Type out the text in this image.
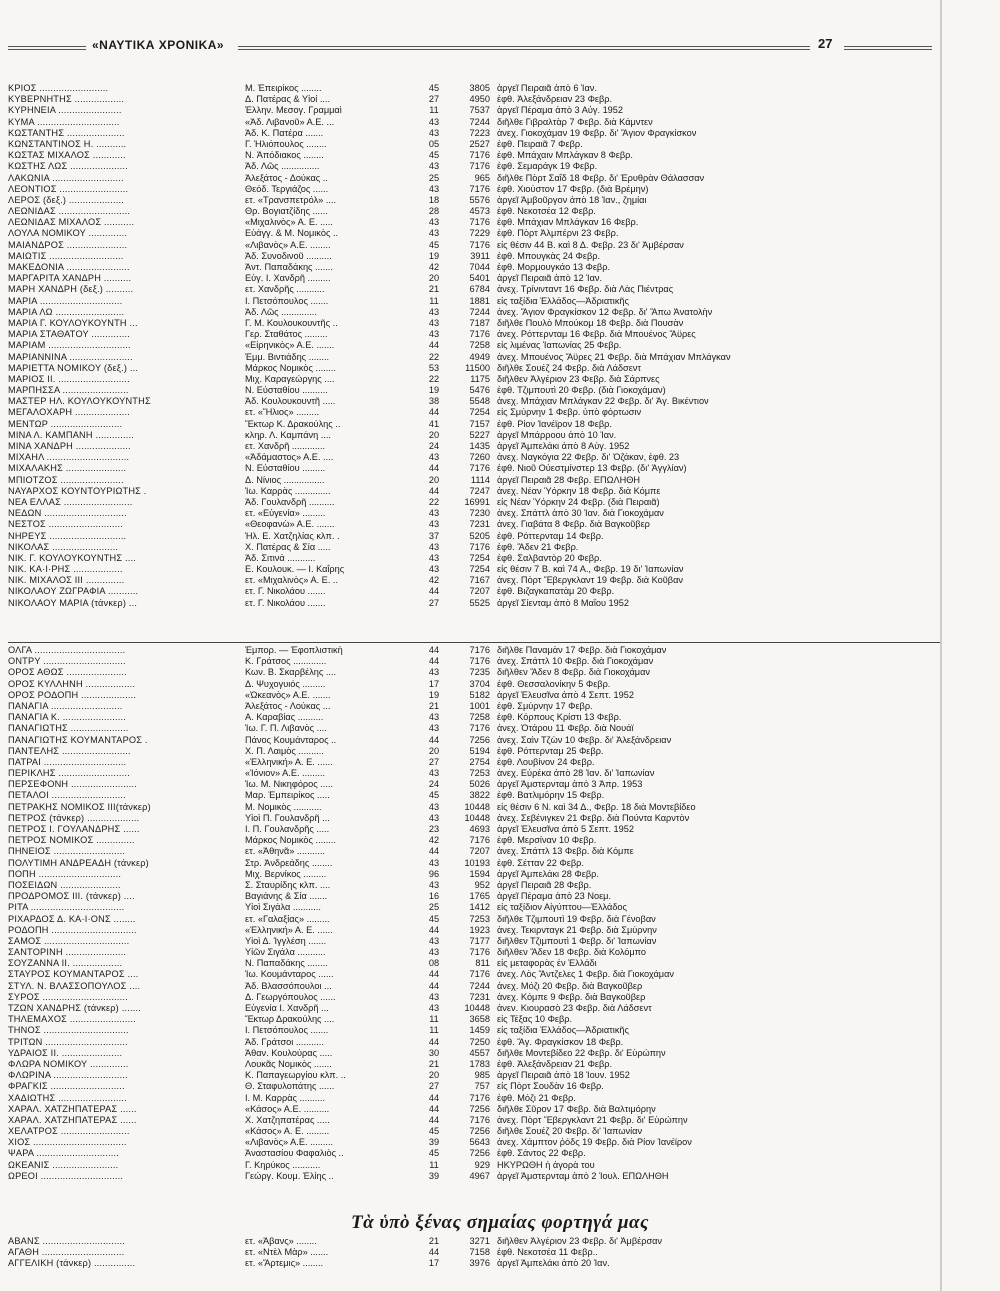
«ΝΑΥΤΙΚΑ ΧΡΟΝΙΚΑ»	27
ΚΡΙΟΣ .........................	Μ. Ἐπειρίκος ........	45	3805 ἀργεῖ Πειραιᾶ ἀπὸ 6 Ἰαν.
ΚΥΒΕΡΝΗΤΗΣ ..................	Δ. Πατέρας & Υἱοί ....	27	4950 ἐφθ. Ἀλεξάνδρειαν 23 Φεβρ.
ΚΥΡΗΝΕΙΑ .......................	Ἑλλην. Μεσογ. Γραμμαὶ	11	7537 ἀργεῖ Πέραμα ἀπὸ 3 Αὐγ. 1952
ΚΥΜΑ ..............................	«Ἀδ. Λιβανοῦ» Α.Ε. ...	43	7244 διῆλθε Γιβραλτὰρ 7 Φεβρ. διὰ Κάμντεν
ΚΩΣΤΑΝΤΗΣ .....................	Ἀδ. Κ. Πατέρα .......	43	7223 ἀνεχ. Γιοκοχάμαν 19 Φεβρ. δι' Ἅγιον Φραγκίσκον
ΚΩΝΣΤΑΝΤΙΝΟΣ Η. ...........	Γ. Ἠλιόπουλος ........	05	2527 ἐφθ. Πειραιᾶ 7 Φεβρ.
ΚΩΣΤΑΣ ΜΙΧΑΛΟΣ ............	Ν. Ἀπόδιακος ........	45	7176 ἐφθ. Μπάχαιν Μπλάγκαν 8 Φεβρ.
ΚΩΣΤΗΣ ΛΩΣ .....................	Ἀδ. Λῶς ...............	43	7176 ἐφθ. Σεμαράγκ 19 Φεβρ.
ΛΑΚΩΝΙΑ ..........................	Ἀλεξάτος - Δούκας ..	25	965 διῆλθε Πὸρτ Σαΐδ 18 Φεβρ. δι' Ἐρυθρὰν Θάλασσαν
ΛΕΟΝΤΙΟΣ .........................	Θεόδ. Τεργιάζος ......	43	7176 ἐφθ. Χιούστον 17 Φεβρ. (διὰ Βρέμην)
ΛΕΡΟΣ (δεξ.) ....................	ετ. «Τρανσπετρόλ» ....	18	5576 ἀργεῖ Ἀμβοῦργον ἀπὸ 18 Ἰαν., ζημίαι
ΛΕΩΝΙΔΑΣ ..........................	Θρ. Βογιατζίδης ......	28	4573 ἐφθ. Νεκοτσέα 12 Φεβρ.
ΛΕΩΝΙΔΑΣ ΜΙΧΑΛΟΣ ...........	«Μιχαλινὸς» Α. Ε. .....	43	7176 ἐφθ. Μπάχιαν Μπλάγκαν 16 Φεβρ.
ΛΟΥΛΑ ΝΟΜΙΚΟΥ ..............	Εὐάγγ. & Μ. Νομικὸς ..	43	7229 ἐφθ. Πὸρτ Ἀλμπέρνι 23 Φεβρ.
ΜΑΙΑΝΔΡΟΣ ......................	«Λιβανὸς» Α.Ε. ........	45	7176 εἰς θέσιν 44 Β. καὶ 8 Δ. Φεβρ. 23 δι' Ἀμβέρσαν
ΜΑΙΩΤΙΣ ...........................	Ἀδ. Συνοδινοῦ ..........	19	3911 ἐφθ. Μπουγκὰς 24 Φεβρ.
ΜΑΚΕΔΟΝΙΑ .......................	Ἀντ. Παπαδάκης .......	42	7044 ἐφθ. Μορμουγκάο 13 Φεβρ.
ΜΑΡΓΑΡΙΤΑ ΧΑΝΔΡΗ ..........	Εὐγ. Ι. Χανδρῆ .........	20	5401 ἀργεῖ Πειραιᾶ ἀπὸ 12 Ἰαν.
ΜΑΡΗ ΧΑΝΔΡΗ (δεξ.) ..........	ετ. Χανδρῆς ...........	21	6784 ἀνεχ. Τρίνινταντ 16 Φεβρ. διὰ Λὰς Πιέντρας
ΜΑΡΙΑ ..............................	Ι. Πετσόπουλος .......	11	1881 εἰς ταξίδια Ἑλλάδος—Ἀδριατικῆς
ΜΑΡΙΑ ΛΩ .........................	Ἀδ. Λῶς ..............	43	7244 ἀνεχ. Ἅγιον Φραγκίσκον 12 Φεβρ. δι' Ἄπω Ἀνατολὴν
ΜΑΡΙΑ Γ. ΚΟΥΛΟΥΚΟΥΝΤΗ ...	Γ. Μ. Κουλουκουντῆς ..	43	7187 διῆλθε Πουλὸ Μπούκομ 18 Φεβρ. διὰ Πουσὰν
ΜΑΡΙΑ ΣΤΑΘΑΤΟΥ ..............	Γερ. Σταθάτος .........	43	7176 ἀνεχ. Ρόττερνταμ 16 Φεβρ. διὰ Μπουένος Ἄϋρες
ΜΑΡΙΑΜ ..............................	«Εἰρηνικὸς» Α.Ε. .......	44	7258 εἰς λιμένας Ἰαπωνίας 25 Φεβρ.
ΜΑΡΙΑΝΝΙΝΑ .......................	Ἐμμ. Βιντιάδης ........	22	4949 ἀνεχ. Μπουένος Ἄϋρες 21 Φεβρ. διὰ Μπάχιαν Μπλάγκαν
ΜΑΡΙΕΤΤΑ ΝΟΜΙΚΟΥ (δεξ.) ...	Μάρκος Νομικὸς ........	53	11500 διῆλθε Σουέζ 24 Φεβρ. διὰ Λάδσεντ
ΜΑΡΙΟΣ ΙΙ. ..........................	Μιχ. Καραγεώργης ....	22	1175 διῆλθεν Ἀλγέριον 23 Φεβρ. διὰ Σάρπνες
ΜΑΡΠΗΣΣΑ ........................	Ν. Εὐσταθίου ..........	19	5476 ἐφθ. Τζιμπουτὶ 20 Φεβρ. (διὰ Γιοκοχάμαν)
ΜΑΣΤΕΡ ΗΛ. ΚΟΥΛΟΥΚΟΥΝΤΗΣ	Ἀδ. Κουλουκουντῆ .....	38	5548 ἀνεχ. Μπάχιαν Μπλάγκαν 22 Φεβρ. δι' Ἀγ. Βικέντιον
ΜΕΓΑΛΟΧΑΡΗ ....................	ετ. «Ἥλιος» .........	44	7254 εἰς Σμύρνην 1 Φεβρ. ὑπὸ φόρτωσιν
ΜΕΝΤΩΡ ..........................	Ἕκτωρ Κ. Δρακούλης ..	41	7157 ἐφθ. Ρίον Ἰανέϊρον 18 Φεβρ.
ΜΙΝΑ Λ. ΚΑΜΠΑΝΗ ..............	κληρ. Λ. Καμπάνη ....	20	5227 ἀργεῖ Μπάρροου ἀπὸ 10 Ἰαν.
ΜΙΝΑ ΧΑΝΔΡΗ ....................	ετ. Χανδρῆ .............	24	1435 ἀργεῖ Ἀμπελάκι ἀπὸ 8 Αὐγ. 1952
ΜΙΧΑΗΛ ..............................	«Ἀδάμαστος» Α.Ε. ....	43	7260 ἀνεχ. Ναγκόγια 22 Φεβρ. δι' Ὀζάκαν, ἐφθ. 23
ΜΙΧΑΛΑΚΗΣ ......................	Ν. Εὐσταθίου .........	44	7176 ἐφθ. Νιοῦ Οὐεστμίνστερ 13 Φεβρ. (δι' Ἀγγλίαν)
ΜΠΙΟΤΖΟΣ .......................	Δ. Νίνιος ................	20	1114 ἀργεῖ Πειραιᾶ 28 Φεβρ. ΕΠΩΛΗΘΗ
ΝΑΥΑΡΧΟΣ ΚΟΥΝΤΟΥΡΙΩΤΗΣ .	Ἰω. Καρρὰς ..............	44	7247 ἀνεχ. Νέαν Ὑόρκην 18 Φεβρ. διὰ Κόμπε
ΝΕΑ ΕΛΛΑΣ .........................	Ἀδ. Γουλανδρῆ ..........	22	16991 εἰς Νέαν Ὑόρκην 24 Φεβρ. (διὰ Πειραιᾶ)
ΝΕΔΩΝ ..............................	ετ. «Εὐγενία» .........	43	7230 ἀνεχ. Σπάττλ ἀπὸ 30 Ἰαν. διὰ Γιοκοχάμαν
ΝΕΣΤΟΣ ...........................	«Θεοφανὼ» Α.Ε. .......	43	7231 ἀνεχ. Γιαβάτα 8 Φεβρ. διὰ Βαγκοῦβερ
ΝΗΡΕΥΣ ............................	Ἠλ. Ε. Χατζηλίας κλπ. .	37	5205 ἐφθ. Ρόττερνταμ 14 Φεβρ.
ΝΙΚΟΛΑΣ ........................	Χ. Πατέρας & Σία .....	43	7176 ἐφθ. Ἄδεν 21 Φεβρ.
ΝΙΚ. Γ. ΚΟΥΛΟΥΚΟΥΝΤΗΣ ....	Ἀδ. Σιτινά ...........	43	7254 ἐφθ. Σαλβαντὸρ 20 Φεβρ.
ΝΙΚ. ΚΑ·Ι·ΡΗΣ ..................	Ε. Κουλουκ. — Ι. Καΐρης	43	7254 εἰς θέσιν 7 Β. καὶ 74 Α., Φεβρ. 19 δι' Ἰαπωνίαν
ΝΙΚ. ΜΙΧΑΛΟΣ ΙΙΙ ..............	ετ. «Μιχαλινὸς» Α. Ε. ..	42	7167 ἀνεχ. Πὸρτ Ἔβεργκλαντ 19 Φεβρ. διὰ Κοῦβαν
ΝΙΚΟΛΑΟΥ ΖΩΓΡΑΦΙΑ ...........	ετ. Γ. Νικολάου .......	44	7207 ἐφθ. Βιζαγκαπατὰμ 20 Φεβρ.
ΝΙΚΟΛΑΟΥ ΜΑΡΙΑ (τάνκερ) ...	ετ. Γ. Νικολάου .......	27	5525 ἀργεῖ Σίενταμ ἀπὸ 8 Μαΐου 1952
ΟΛΓΑ .................................	Ἐμπορ. — Ἐφοπλιστικὴ	44	7176 διῆλθε Παναμὰν 17 Φεβρ. διὰ Γιοκοχάμαν
ΟΝΤΡΥ ..............................	Κ. Γράτσος .............	44	7176 ἀνεχ. Σπάττλ 10 Φεβρ. διὰ Γιοκοχάμαν
ΟΡΟΣ ΑΘΩΣ ......................	Κων. Β. Σκαρβέλης ....	43	7235 διῆλθεν Ἄδεν 8 Φεβρ. διὰ Γιοκοχάμαν
ΟΡΟΣ ΚΥΛΛΗΝΗ ..................	Δ. Ψυχογυιός .........	17	3704 ἐφθ. Θεσσαλονίκην 5 Φεβρ.
ΟΡΟΣ ΡΟΔΟΠΗ ....................	«Ὠκεανὸς» Α.Ε. .......	19	5182 ἀργεῖ Ἐλευσῖνα ἀπὸ 4 Σεπτ. 1952
ΠΑΝΑΓΙΑ ..........................	Ἀλεξάτος - Λούκας ...	21	1001 ἐφθ. Σμύρνην 17 Φεβρ.
ΠΑΝΑΓΙΑ Κ. .......................	Α. Καραβίας ..........	43	7258 ἐφθ. Κόρπους Κρίστι 13 Φεβρ.
ΠΑΝΑΓΙΩΤΗΣ .....................	Ἰω. Γ. Π. Λιβανὸς ....	43	7176 ἀνεχ. Ὀτάρου 11 Φεβρ. διὰ Νουάϊ
ΠΑΝΑΓΙΩΤΗΣ ΚΟΥΜΑΝΤΑΡΟΣ .	Πάνος Κουμάνταρος ..	44	7256 ἀνεχ. Σαὶν Τζὼν 10 Φεβρ. δι' Ἀλεξάνδρειαν
ΠΑΝΤΕΛΗΣ .........................	Χ. Π. Λαιμὸς ..........	20	5194 ἐφθ. Ρόττερνταμ 25 Φεβρ.
ΠΑΤΡΑΙ ..............................	«Ἑλληνική» Α. Ε. ......	27	2754 ἐφθ. Λουβίνον 24 Φεβρ.
ΠΕΡΙΚΛΗΣ ..........................	«Ἰόνιον» Α.Ε. .........	43	7253 ἀνεχ. Εὐρέκα ἀπὸ 28 Ἰαν. δι' Ἰαπωνίαν
ΠΕΡΣΕΦΟΝΗ ........................	Ἰω. Μ. Νικηφόρος .....	24	5026 ἀργεῖ Ἀμστερνταμ ἀπὸ 3 Ἀπρ. 1953
ΠΕΤΑΛΟΙ ...........................	Μαρ. Ἐμπειρίκος .....	45	3822 ἐφθ. Βατλιμόρην 15 Φεβρ.
ΠΕΤΡΑΚΗΣ ΝΟΜΙΚΟΣ ΙΙΙ(τάνκερ)	Μ. Νομικὸς ...........	43	10448 εἰς θέσιν 6 Ν. καὶ 34 Δ., Φεβρ. 18 διὰ Μοντεβίδεο
ΠΕΤΡΟΣ (τάνκερ) ...................	Υἱοὶ Π. Γουλανδρῆ ...	43	10448 ἀνεχ. Σεβένιγκεν 21 Φεβρ. διὰ Πούντα Καρντὸν
ΠΕΤΡΟΣ Ι. ΓΟΥΛΑΝΔΡΗΣ ......	Ι. Π. Γουλανδρῆς .....	23	4693 ἀργεῖ Ἐλευσῖνα ἀπὸ 5 Σεπτ. 1952
ΠΕΤΡΟΣ ΝΟΜΙΚΟΣ ..............	Μάρκος Νομικὸς ........	42	7176 ἐφθ. Μερσίναν 10 Φεβρ.
ΠΗΝΕΙΟΣ ..........................	ετ. «Ἀθηνᾶ» ...........	44	7207 ἀνεχ. Σπάττλ 13 Φεβρ. διὰ Κόμπε
ΠΟΛΥΤΙΜΗ ΑΝΔΡΕΑΔΗ (τάνκερ)	Στρ. Ἀνδρεάδης ........	43	10193 ἐφθ. Σέτταν 22 Φεβρ.
ΠΟΠΗ ..............................	Μιχ. Βερνίκος .........	96	1594 ἀργεῖ Ἀμπελάκι 28 Φεβρ.
ΠΟΣΕΙΔΩΝ ......................	Σ. Σταυρίδης κλπ. ....	43	952 ἀργεῖ Πειραιᾶ 28 Φεβρ.
ΠΡΟΔΡΟΜΟΣ ΙΙΙ. (τάνκερ) ....	Βαγιάνης & Σία .......	16	1765 ἀργεῖ Πέραμα ἀπὸ 23 Νοεμ.
ΡΙΤΑ ..................................	Υἱοὶ Σιγάλα ...........	25	1412 εἰς ταξίδιον Αἰγύπτου—Ἑλλάδος
ΡΙΧΑΡΔΟΣ Δ. ΚΑ·Ι·ΟΝΣ ........	ετ. «Γαλαξίας» .........	45	7253 διῆλθε Τζιμπουτὶ 19 Φεβρ. διὰ Γένοβαν
ΡΟΔΟΠΗ ...............................	«Ἑλληνική» Α. Ε. ......	44	1923 ἀνεχ. Τεκιρνταγκ 21 Φεβρ. διὰ Σμύρνην
ΣΑΜΟΣ ...............................	Υἱοὶ Δ. Ἰγγλέση .......	43	7177 διῆλθεν Τζιμπουτὶ 1 Φεβρ. δι' Ἰαπωνίαν
ΣΑΝΤΟΡΙΝΗ ......................	Υἱῶν Σιγάλα ...........	43	7176 διῆλθεν Ἄδεν 18 Φεβρ. διὰ Κολόμπο
ΣΟΥΖΑΝΝΑ ΙΙ. ..................	Ν. Παπαδάκης ........	08	811 εἰς μεταφορὰς ἐν Ἑλλάδι
ΣΤΑΥΡΟΣ ΚΟΥΜΑΝΤΑΡΟΣ ....	Ἰω. Κουμάνταρος ......	44	7176 ἀνεχ. Λὸς Ἄντζελες 1 Φεβρ. διὰ Γιοκοχάμαν
ΣΤΥΛ. Ν. ΒΛΑΣΣΟΠΟΥΛΟΣ ....	Ἀδ. Βλασσόπουλοι ...	44	7244 ἀνεχ. Μόζι 20 Φεβρ. διὰ Βαγκοῦβερ
ΣΥΡΟΣ ...............................	Δ. Γεωργόπουλος ......	43	7231 ἀνεχ. Κόμπε 9 Φεβρ. διὰ Βαγκοῦβερ
ΤΖΩΝ ΧΑΝΔΡΗΣ (τάνκερ) .......	Εὐγενία Ι. Χανδρῆ ...	43	10448 ἀνεν. Κιουρασὸ 23 Φεβρ. διὰ Λάδσεντ
ΤΗΛΕΜΑΧΟΣ ........................	Ἕκτωρ Δρακούλης ....	11	3658 εἰς Τέξας 10 Φεβρ.
ΤΗΝΟΣ ...............................	Ι. Πετσόπουλος .......	11	1459 εἰς ταξίδια Ἑλλάδος—Ἀδριατικῆς
ΤΡΙΤΩΝ ..............................	Ἀδ. Γράτσοι ...........	44	7250 ἐφθ. Ἅγ. Φραγκίσκον 18 Φεβρ.
ΥΔΡΑΙΟΣ ΙΙ. ......................	Ἀθαν. Κουλούρας .....	30	4557 διῆλθε Μοντεβίδεο 22 Φεβρ. δι' Εὐρώπην
ΦΛΩΡΑ ΝΟΜΙΚΟΥ ..............	Λουκᾶς Νομικὸς .......	21	1783 ἐφθ. Ἀλεξάνδρειαν 21 Φεβρ.
ΦΛΩΡΙΝΑ ...........................	Κ. Παπαγεωργίου κλπ. ..	20	985 ἀργεῖ Πειραιᾶ ἀπὸ 18 Ἰουν. 1952
ΦΡΑΓΚΙΣ ...........................	Θ. Σταφυλοπάτης ......	27	757 εἰς Πὸρτ Σουδὰν 16 Φεβρ.
ΧΑΔΙΩΤΗΣ .........................	Ι. Μ. Καρρὰς ..........	44	7176 ἐφθ. Μόζι 21 Φεβρ.
ΧΑΡΑΛ. ΧΑΤΖΗΠΑΤΕΡΑΣ ......	«Κάσος» Α.Ε. ..........	44	7256 διῆλθε Σῦρον 17 Φεβρ. διὰ Βαλτιμόρην
ΧΑΡΑΛ. ΧΑΤΖΗΠΑΤΕΡΑΣ ......	Χ. Χατζηπατέρας .....	44	7176 ἀνεχ. Πὸρτ Ἔβεργκλαντ 21 Φεβρ. δι' Εὐρώπην
ΧΕΛΑΤΡΟΣ .........................	«Κάσος» Α. Ε. .........	45	7256 διῆλθε Σουέζ 20 Φεβρ. δι' Ἰαπωνίαν
ΧΙΟΣ ..................................	«Λιβανὸς» Α.Ε. .........	39	5643 ἀνεχ. Χάμπτον ῥόδς 19 Φεβρ. διὰ Ρίον Ἰανέϊρον
ΨΑΡΑ ..............................	Ἀναστασίου Φαφαλιὸς ..	45	7256 ἐφθ. Σάντος 22 Φεβρ.
ΩΚΕΑΝΙΣ ........................	Γ. Κηρύκος ...........	11	929 ΗΚΥΡΩΘΗ ἡ ἀγορὰ του
ΩΡΕΟΙ ..............................	Γεώργ. Κουμ. Ἐλίης ..	39	4967 ἀργεῖ Ἀμστερνταμ ἀπὸ 2 Ἰουλ. ΕΠΩΛΗΘΗ
Τὰ ὑπὸ ξένας σημαίας φορτηγά μας
ΑΒΑΝΣ ..............................	ετ. «Ἀβανς» ........	21	3271 διῆλθεν Ἀλγέριον 23 Φεβρ. δι' Ἀμβέρσαν
ΑΓΑΘΗ ..............................	ετ. «Ντὲλ Μὰρ» .......	44	7158 ἐφθ. Νεκοτσέα 11 Φεβρ..
ΑΓΓΕΛΙΚΗ (τάνκερ) ...............	ετ. «Ἄρτεμις» ........	17	3976 ἀργεῖ Ἀμπελάκι ἀπὸ 20 Ἰαν.
